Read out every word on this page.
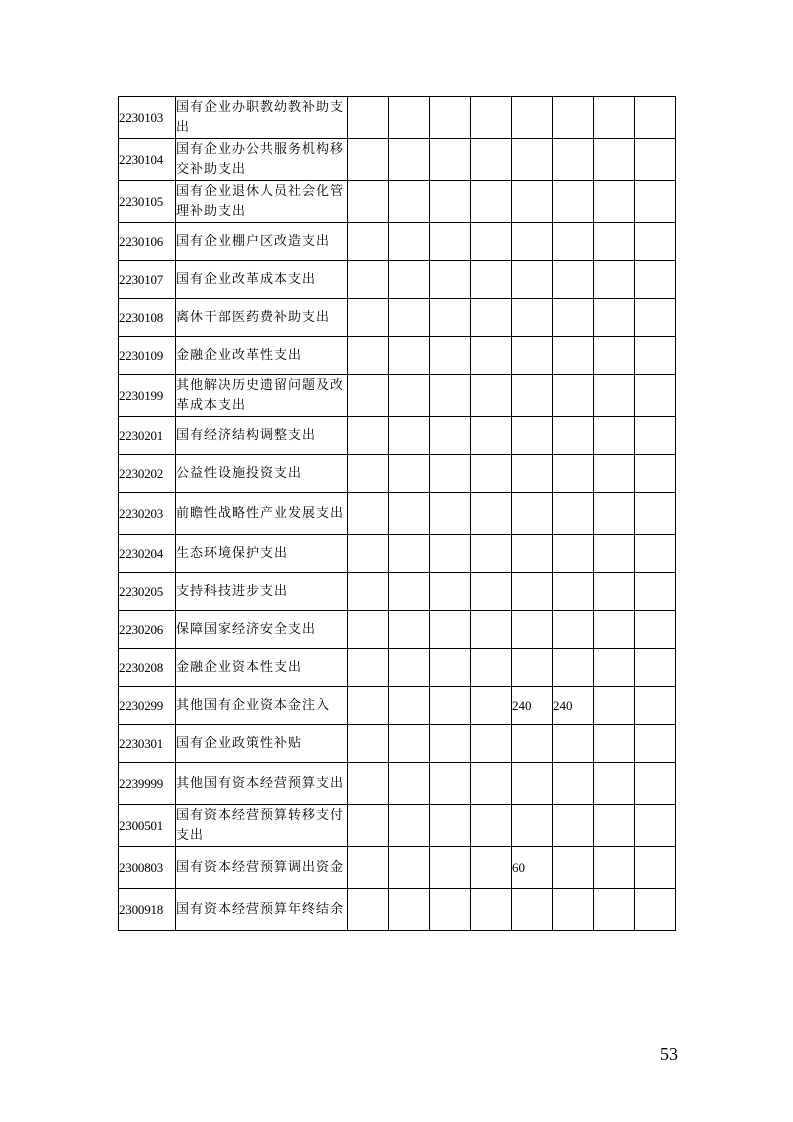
2230103	国有企业办职教幼教补助支出								
2230104	国有企业办公共服务机构移交补助支出								
2230105	国有企业退休人员社会化管理补助支出								
2230106	国有企业棚户区改造支出								
2230107	国有企业改革成本支出								
2230108	离休干部医药费补助支出								
2230109	金融企业改革性支出								
2230199	其他解决历史遗留问题及改革成本支出								
2230201	国有经济结构调整支出								
2230202	公益性设施投资支出								
2230203	前瞻性战略性产业发展支出								
2230204	生态环境保护支出								
2230205	支持科技进步支出								
2230206	保障国家经济安全支出								
2230208	金融企业资本性支出								
2230299	其他国有企业资本金注入					240	240		
2230301	国有企业政策性补贴								
2239999	其他国有资本经营预算支出								
2300501	国有资本经营预算转移支付支出								
2300803	国有资本经营预算调出资金					60			
2300918	国有资本经营预算年终结余								
53
